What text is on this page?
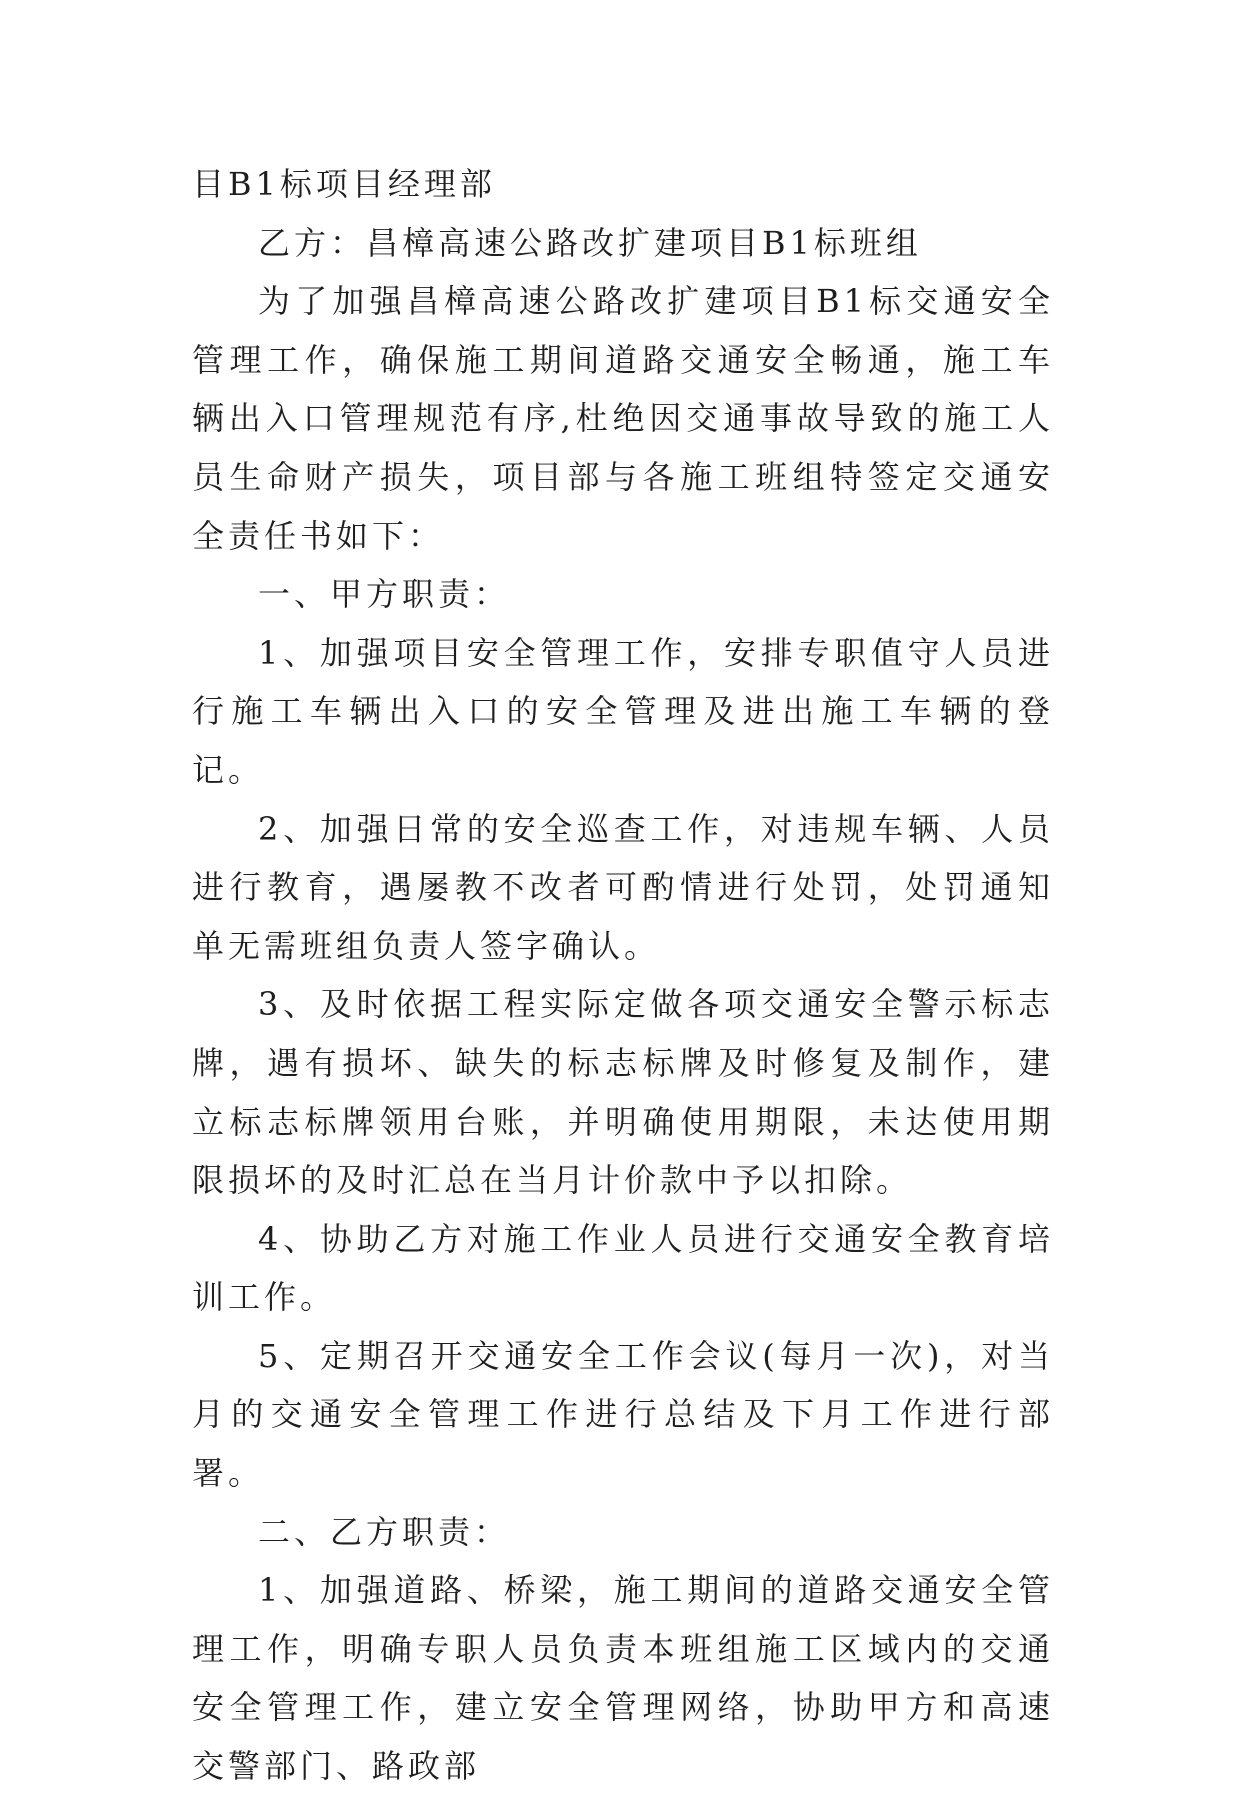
目B1标项目经理部

乙方：昌樟高速公路改扩建项目B1标班组

为了加强昌樟高速公路改扩建项目B1标交通安全管理工作，确保施工期间道路交通安全畅通，施工车辆出入口管理规范有序,杜绝因交通事故导致的施工人员生命财产损失，项目部与各施工班组特签定交通安全责任书如下：

一、甲方职责：

1、加强项目安全管理工作，安排专职值守人员进行施工车辆出入口的安全管理及进出施工车辆的登记。

2、加强日常的安全巡查工作，对违规车辆、人员进行教育，遇屡教不改者可酌情进行处罚，处罚通知单无需班组负责人签字确认。

3、及时依据工程实际定做各项交通安全警示标志牌，遇有损坏、缺失的标志标牌及时修复及制作，建立标志标牌领用台账，并明确使用期限，未达使用期限损坏的及时汇总在当月计价款中予以扣除。

4、协助乙方对施工作业人员进行交通安全教育培训工作。

5、定期召开交通安全工作会议(每月一次)，对当月的交通安全管理工作进行总结及下月工作进行部署。

二、乙方职责：

1、加强道路、桥梁，施工期间的道路交通安全管理工作，明确专职人员负责本班组施工区域内的交通安全管理工作，建立安全管理网络，协助甲方和高速交警部门、路政部
